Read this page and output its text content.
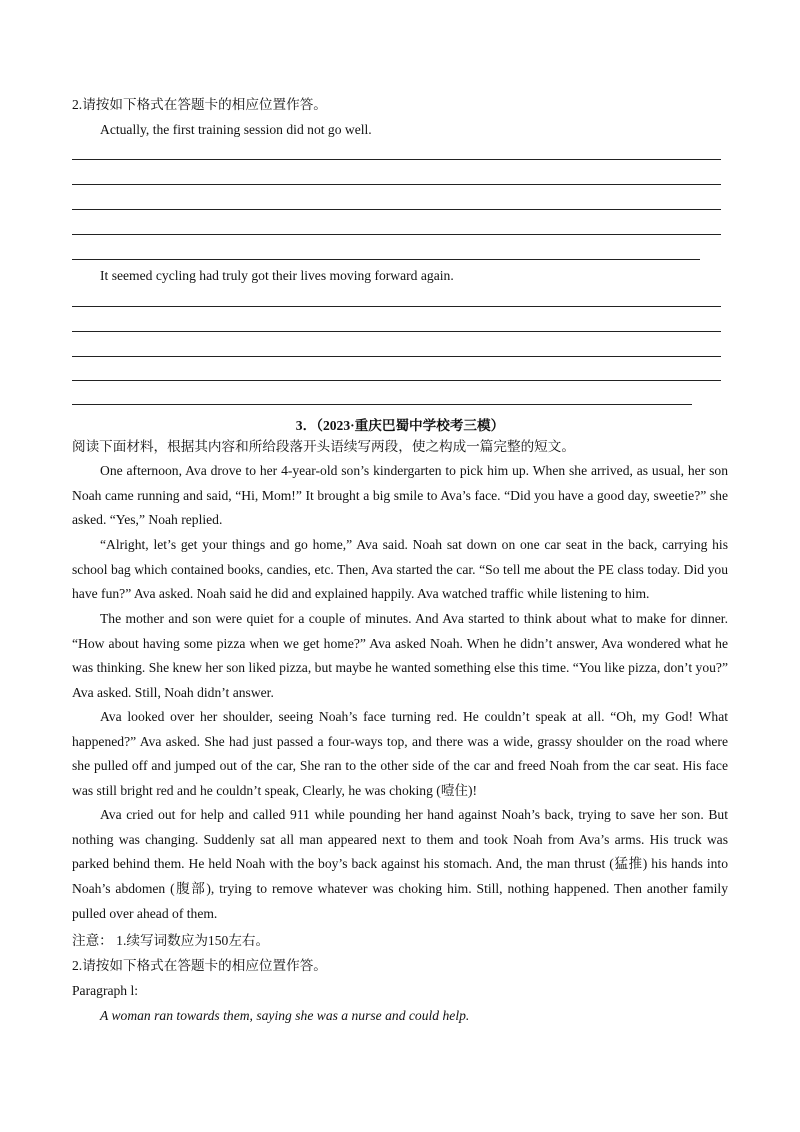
2.请按如下格式在答题卡的相应位置作答。
Actually, the first training session did not go well.
It seemed cycling had truly got their lives moving forward again.
3．（2023·重庆巴蜀中学校考三模）
阅读下面材料，根据其内容和所给段落开头语续写两段，使之构成一篇完整的短文。
One afternoon, Ava drove to her 4-year-old son’s kindergarten to pick him up. When she arrived, as usual, her son Noah came running and said, “Hi, Mom!” It brought a big smile to Ava’s face. “Did you have a good day, sweetie?” she asked. “Yes,” Noah replied.
“Alright, let’s get your things and go home,” Ava said. Noah sat down on one car seat in the back, carrying his school bag which contained books, candies, etc. Then, Ava started the car. “So tell me about the PE class today. Did you have fun?” Ava asked. Noah said he did and explained happily. Ava watched traffic while listening to him.
The mother and son were quiet for a couple of minutes. And Ava started to think about what to make for dinner. “How about having some pizza when we get home?” Ava asked Noah. When he didn’t answer, Ava wondered what he was thinking. She knew her son liked pizza, but maybe he wanted something else this time. “You like pizza, don’t you?” Ava asked. Still, Noah didn’t answer.
Ava looked over her shoulder, seeing Noah’s face turning red. He couldn’t speak at all. “Oh, my God! What happened?” Ava asked. She had just passed a four-ways top, and there was a wide, grassy shoulder on the road where she pulled off and jumped out of the car, She ran to the other side of the car and freed Noah from the car seat. His face was still bright red and he couldn’t speak, Clearly, he was choking (噎住)!
Ava cried out for help and called 911 while pounding her hand against Noah’s back, trying to save her son. But nothing was changing. Suddenly sat all man appeared next to them and took Noah from Ava’s arms. His truck was parked behind them. He held Noah with the boy’s back against his stomach. And, the man thrust (猛推) his hands into Noah’s abdomen (腹部), trying to remove whatever was choking him. Still, nothing happened. Then another family pulled over ahead of them.
注意： 1.续写词数应为150左右。
2.请按如下格式在答题卡的相应位置作答。
Paragraph l:
A woman ran towards them, saying she was a nurse and could help.
